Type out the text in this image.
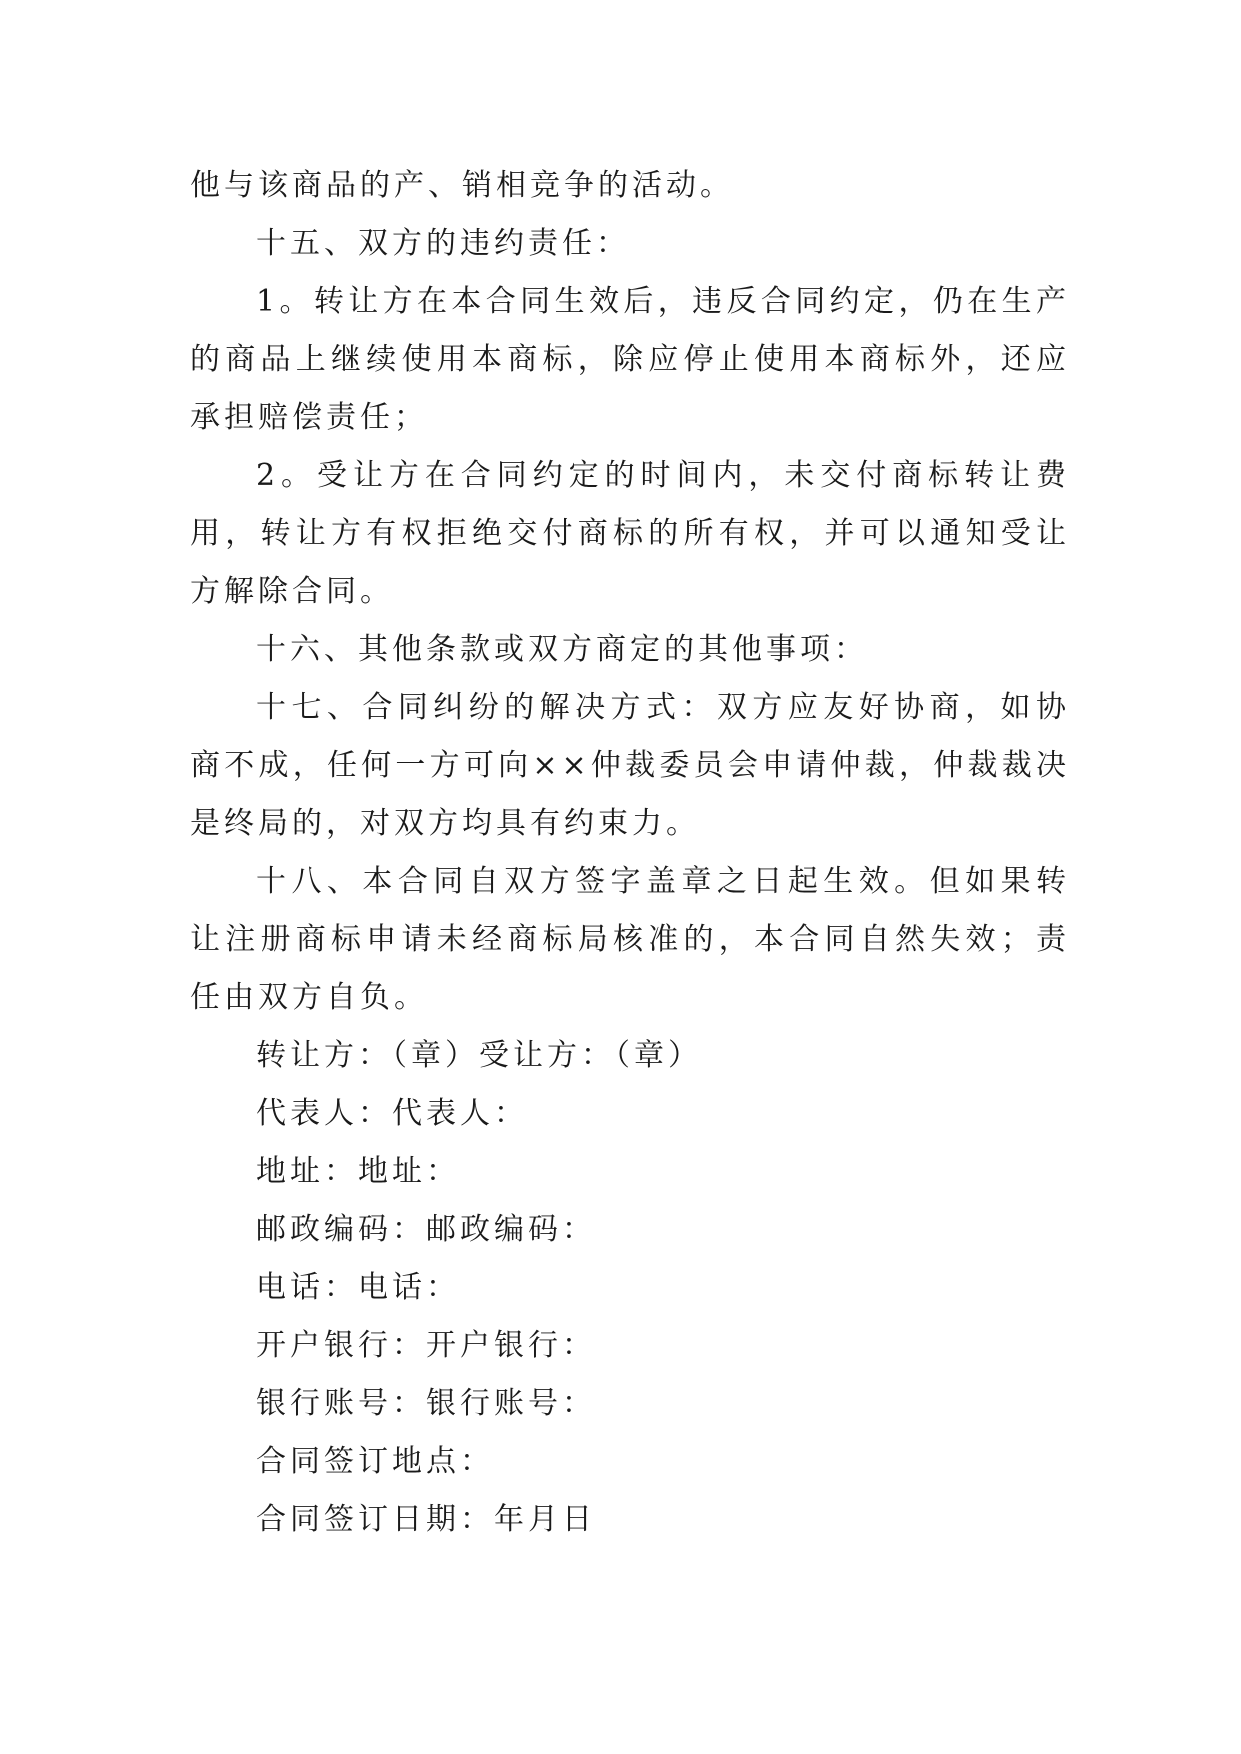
他与该商品的产、销相竞争的活动。

十五、双方的违约责任：

1。转让方在本合同生效后，违反合同约定，仍在生产的商品上继续使用本商标，除应停止使用本商标外，还应承担赔偿责任；

2。受让方在合同约定的时间内，未交付商标转让费用，转让方有权拒绝交付商标的所有权，并可以通知受让方解除合同。

十六、其他条款或双方商定的其他事项：

十七、合同纠纷的解决方式：双方应友好协商，如协商不成，任何一方可向××仲裁委员会申请仲裁，仲裁裁决是终局的，对双方均具有约束力。

十八、本合同自双方签字盖章之日起生效。但如果转让注册商标申请未经商标局核准的，本合同自然失效；责任由双方自负。

转让方：（章）受让方：（章）

代表人：代表人：

地址：地址：

邮政编码：邮政编码：

电话：电话：

开户银行：开户银行：

银行账号：银行账号：

合同签订地点：

合同签订日期：年月日
